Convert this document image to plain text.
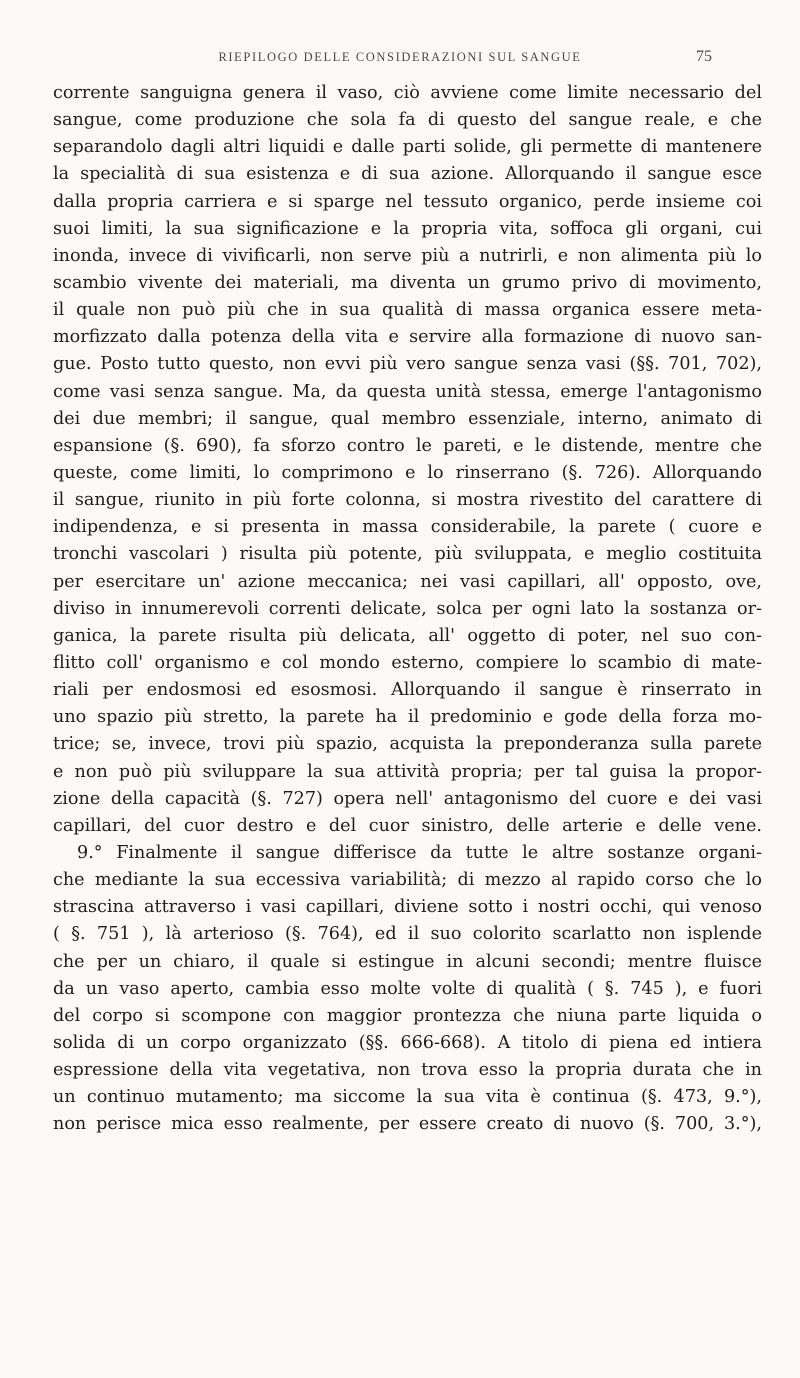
RIEPILOGO DELLE CONSIDERAZIONI SUL SANGUE	75
corrente sanguigna genera il vaso, ciò avviene come limite necessario del
sangue, come produzione che sola fa di questo del sangue reale, e che
separandolo dagli altri liquidi e dalle parti solide, gli permette di mantenere
la specialità di sua esistenza e di sua azione. Allorquando il sangue esce
dalla propria carriera e si sparge nel tessuto organico, perde insieme coi
suoi limiti, la sua significazione e la propria vita, soffoca gli organi, cui
inonda, invece di vivificarli, non serve più a nutrirli, e non alimenta più lo
scambio vivente dei materiali, ma diventa un grumo privo di movimento,
il quale non può più che in sua qualità di massa organica essere meta-
morfizzato dalla potenza della vita e servire alla formazione di nuovo san-
gue. Posto tutto questo, non evvi più vero sangue senza vasi (§§. 701, 702),
come vasi senza sangue. Ma, da questa unità stessa, emerge l'antagonismo
dei due membri; il sangue, qual membro essenziale, interno, animato di
espansione (§. 690), fa sforzo contro le pareti, e le distende, mentre che
queste, come limiti, lo comprimono e lo rinserrano (§. 726). Allorquando
il sangue, riunito in più forte colonna, si mostra rivestito del carattere di
indipendenza, e si presenta in massa considerabile, la parete ( cuore e
tronchi vascolari ) risulta più potente, più sviluppata, e meglio costituita
per esercitare un' azione meccanica; nei vasi capillari, all' opposto, ove,
diviso in innumerevoli correnti delicate, solca per ogni lato la sostanza or-
ganica, la parete risulta più delicata, all' oggetto di poter, nel suo con-
flitto coll' organismo e col mondo esterno, compiere lo scambio di mate-
riali per endosmosi ed esosmosi. Allorquando il sangue è rinserrato in
uno spazio più stretto, la parete ha il predominio e gode della forza mo-
trice; se, invece, trovi più spazio, acquista la preponderanza sulla parete
e non può più sviluppare la sua attività propria; per tal guisa la propor-
zione della capacità (§. 727) opera nell' antagonismo del cuore e dei vasi
capillari, del cuor destro e del cuor sinistro, delle arterie e delle vene.
9.° Finalmente il sangue differisce da tutte le altre sostanze organi-
che mediante la sua eccessiva variabilità; di mezzo al rapido corso che lo
strascina attraverso i vasi capillari, diviene sotto i nostri occhi, qui venoso
( §. 751 ), là arterioso (§. 764), ed il suo colorito scarlatto non isplende
che per un chiaro, il quale si estingue in alcuni secondi; mentre fluisce
da un vaso aperto, cambia esso molte volte di qualità ( §. 745 ), e fuori
del corpo si scompone con maggior prontezza che niuna parte liquida o
solida di un corpo organizzato (§§. 666-668). A titolo di piena ed intiera
espressione della vita vegetativa, non trova esso la propria durata che in
un continuo mutamento; ma siccome la sua vita è continua (§. 473, 9.°),
non perisce mica esso realmente, per essere creato di nuovo (§. 700, 3.°),
